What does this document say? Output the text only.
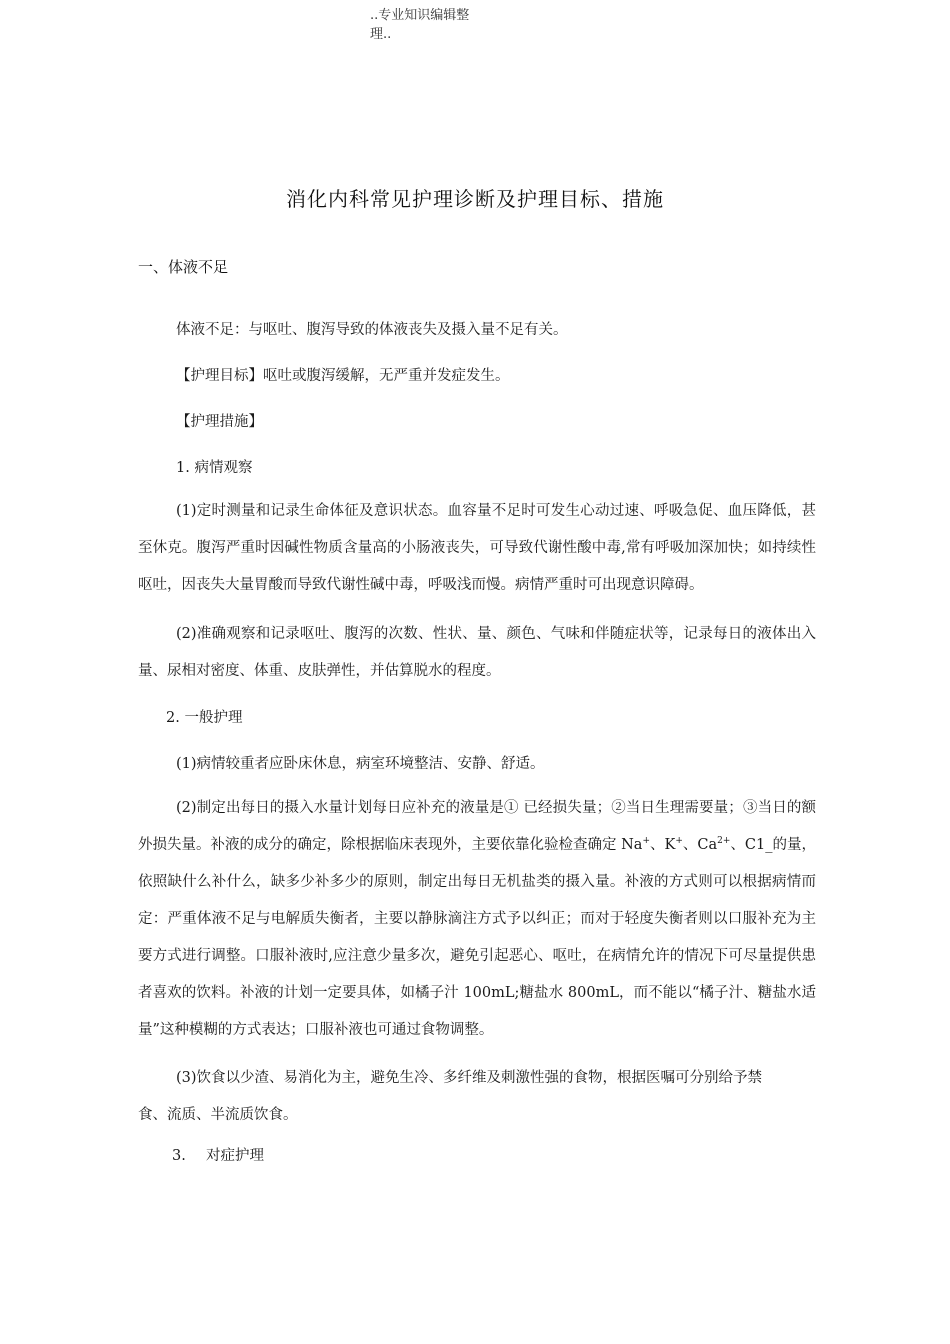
..专业知识编辑整
理..
消化内科常见护理诊断及护理目标、措施
一、体液不足
体液不足：与呕吐、腹泻导致的体液丧失及摄入量不足有关。
【护理目标】呕吐或腹泻缓解，无严重并发症发生。
【护理措施】
1. 病情观察
(1)定时测量和记录生命体征及意识状态。血容量不足时可发生心动过速、呼吸急促、血压降低，甚至休克。腹泻严重时因碱性物质含量高的小肠液丧失，可导致代谢性酸中毒,常有呼吸加深加快；如持续性呕吐，因丧失大量胃酸而导致代谢性碱中毒，呼吸浅而慢。病情严重时可出现意识障碍。
(2)准确观察和记录呕吐、腹泻的次数、性状、量、颜色、气味和伴随症状等，记录每日的液体出入量、尿相对密度、体重、皮肤弹性，并估算脱水的程度。
2. 一般护理
(1)病情较重者应卧床休息，病室环境整洁、安静、舒适。
(2)制定出每日的摄入水量计划每日应补充的液量是① 已经损失量；②当日生理需要量；③当日的额外损失量。补液的成分的确定，除根据临床表现外，主要依靠化验检查确定 Na+、K+、$Ca^{2+}$、C1_的量，依照缺什么补什么，缺多少补多少的原则，制定出每日无机盐类的摄入量。补液的方式则可以根据病情而定：严重体液不足与电解质失衡者，主要以静脉滴注方式予以纠正；而对于轻度失衡者则以口服补充为主要方式进行调整。口服补液时,应注意少量多次，避免引起恶心、呕吐，在病情允许的情况下可尽量提供患者喜欢的饮料。补液的计划一定要具体，如橘子汁 100mL;糖盐水 800mL，而不能以“橘子汁、糖盐水适量”这种模糊的方式表达；口服补液也可通过食物调整。
(3)饮食以少渣、易消化为主，避免生冷、多纤维及刺激性强的食物，根据医嘱可分别给予禁食、流质、半流质饮食。
3. 对症护理
